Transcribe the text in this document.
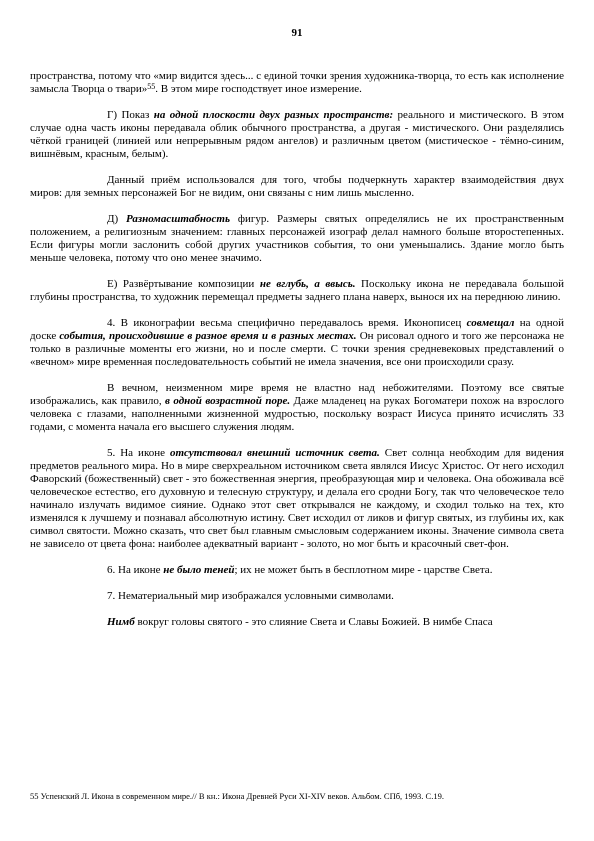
91

пространства, потому что «мир видится здесь... с единой точки зрения художника-творца, то есть как исполнение замысла Творца о твари»$^{55}$. В этом мире господствует иное измерение.

Г) Показ на одной плоскости двух разных пространств: реального и мистического. В этом случае одна часть иконы передавала облик обычного пространства, а другая - мистического. Они разделялись чёткой границей (линией или непрерывным рядом ангелов) и различным цветом (мистическое - тёмно-синим, вишнёвым, красным, белым).

Данный приём использовался для того, чтобы подчеркнуть характер взаимодействия двух миров: для земных персонажей Бог не видим, они связаны с ним лишь мысленно.

Д) Разномасштабность фигур. Размеры святых определялись не их пространственным положением, а религиозным значением: главных персонажей изограф делал намного больше второстепенных. Если фигуры могли заслонить собой других участников события, то они уменьшались. Здание могло быть меньше человека, потому что оно менее значимо.

Е) Развёртывание композиции не вглубь, а ввысь. Поскольку икона не передавала большой глубины пространства, то художник перемещал предметы заднего плана наверх, вынося их на переднюю линию.

4. В иконографии весьма специфично передавалось время. Иконописец совмещал на одной доске события, происходившие в разное время и в разных местах. Он рисовал одного и того же персонажа не только в различные моменты его жизни, но и после смерти. С точки зрения средневековых представлений о «вечном» мире временная последовательность событий не имела значения, все они происходили сразу.

В вечном, неизменном мире время не властно над небожителями. Поэтому все святые изображались, как правило, в одной возрастной поре. Даже младенец на руках Богоматери похож на взрослого человека с глазами, наполненными жизненной мудростью, поскольку возраст Иисуса принято исчислять 33 годами, с момента начала его высшего служения людям.

5. На иконе отсутствовал внешний источник света. Свет солнца необходим для видения предметов реального мира. Но в мире сверхреальном источником света являлся Иисус Христос. От него исходил Фаворский (божественный) свет - это божественная энергия, преобразующая мир и человека. Она обоживала всё человеческое естество, его духовную и телесную структуру, и делала его сродни Богу, так что человеческое тело начинало излучать видимое сияние. Однако этот свет открывался не каждому, и сходил только на тех, кто изменялся к лучшему и познавал абсолютную истину. Свет исходил от ликов и фигур святых, из глубины их, как символ святости. Можно сказать, что свет был главным смысловым содержанием иконы. Значение символа света не зависело от цвета фона: наиболее адекватный вариант - золото, но мог быть и красочный свет-фон.

6. На иконе не было теней; их не может быть в бесплотном мире - царстве Света.

7. Нематериальный мир изображался условными символами.

Нимб вокруг головы святого - это слияние Света и Славы Божией. В нимбе Спаса

55 Успенский Л. Икона в современном мире.// В кн.: Икона Древней Руси XI-XIV веков. Альбом. СПб, 1993. С.19.
